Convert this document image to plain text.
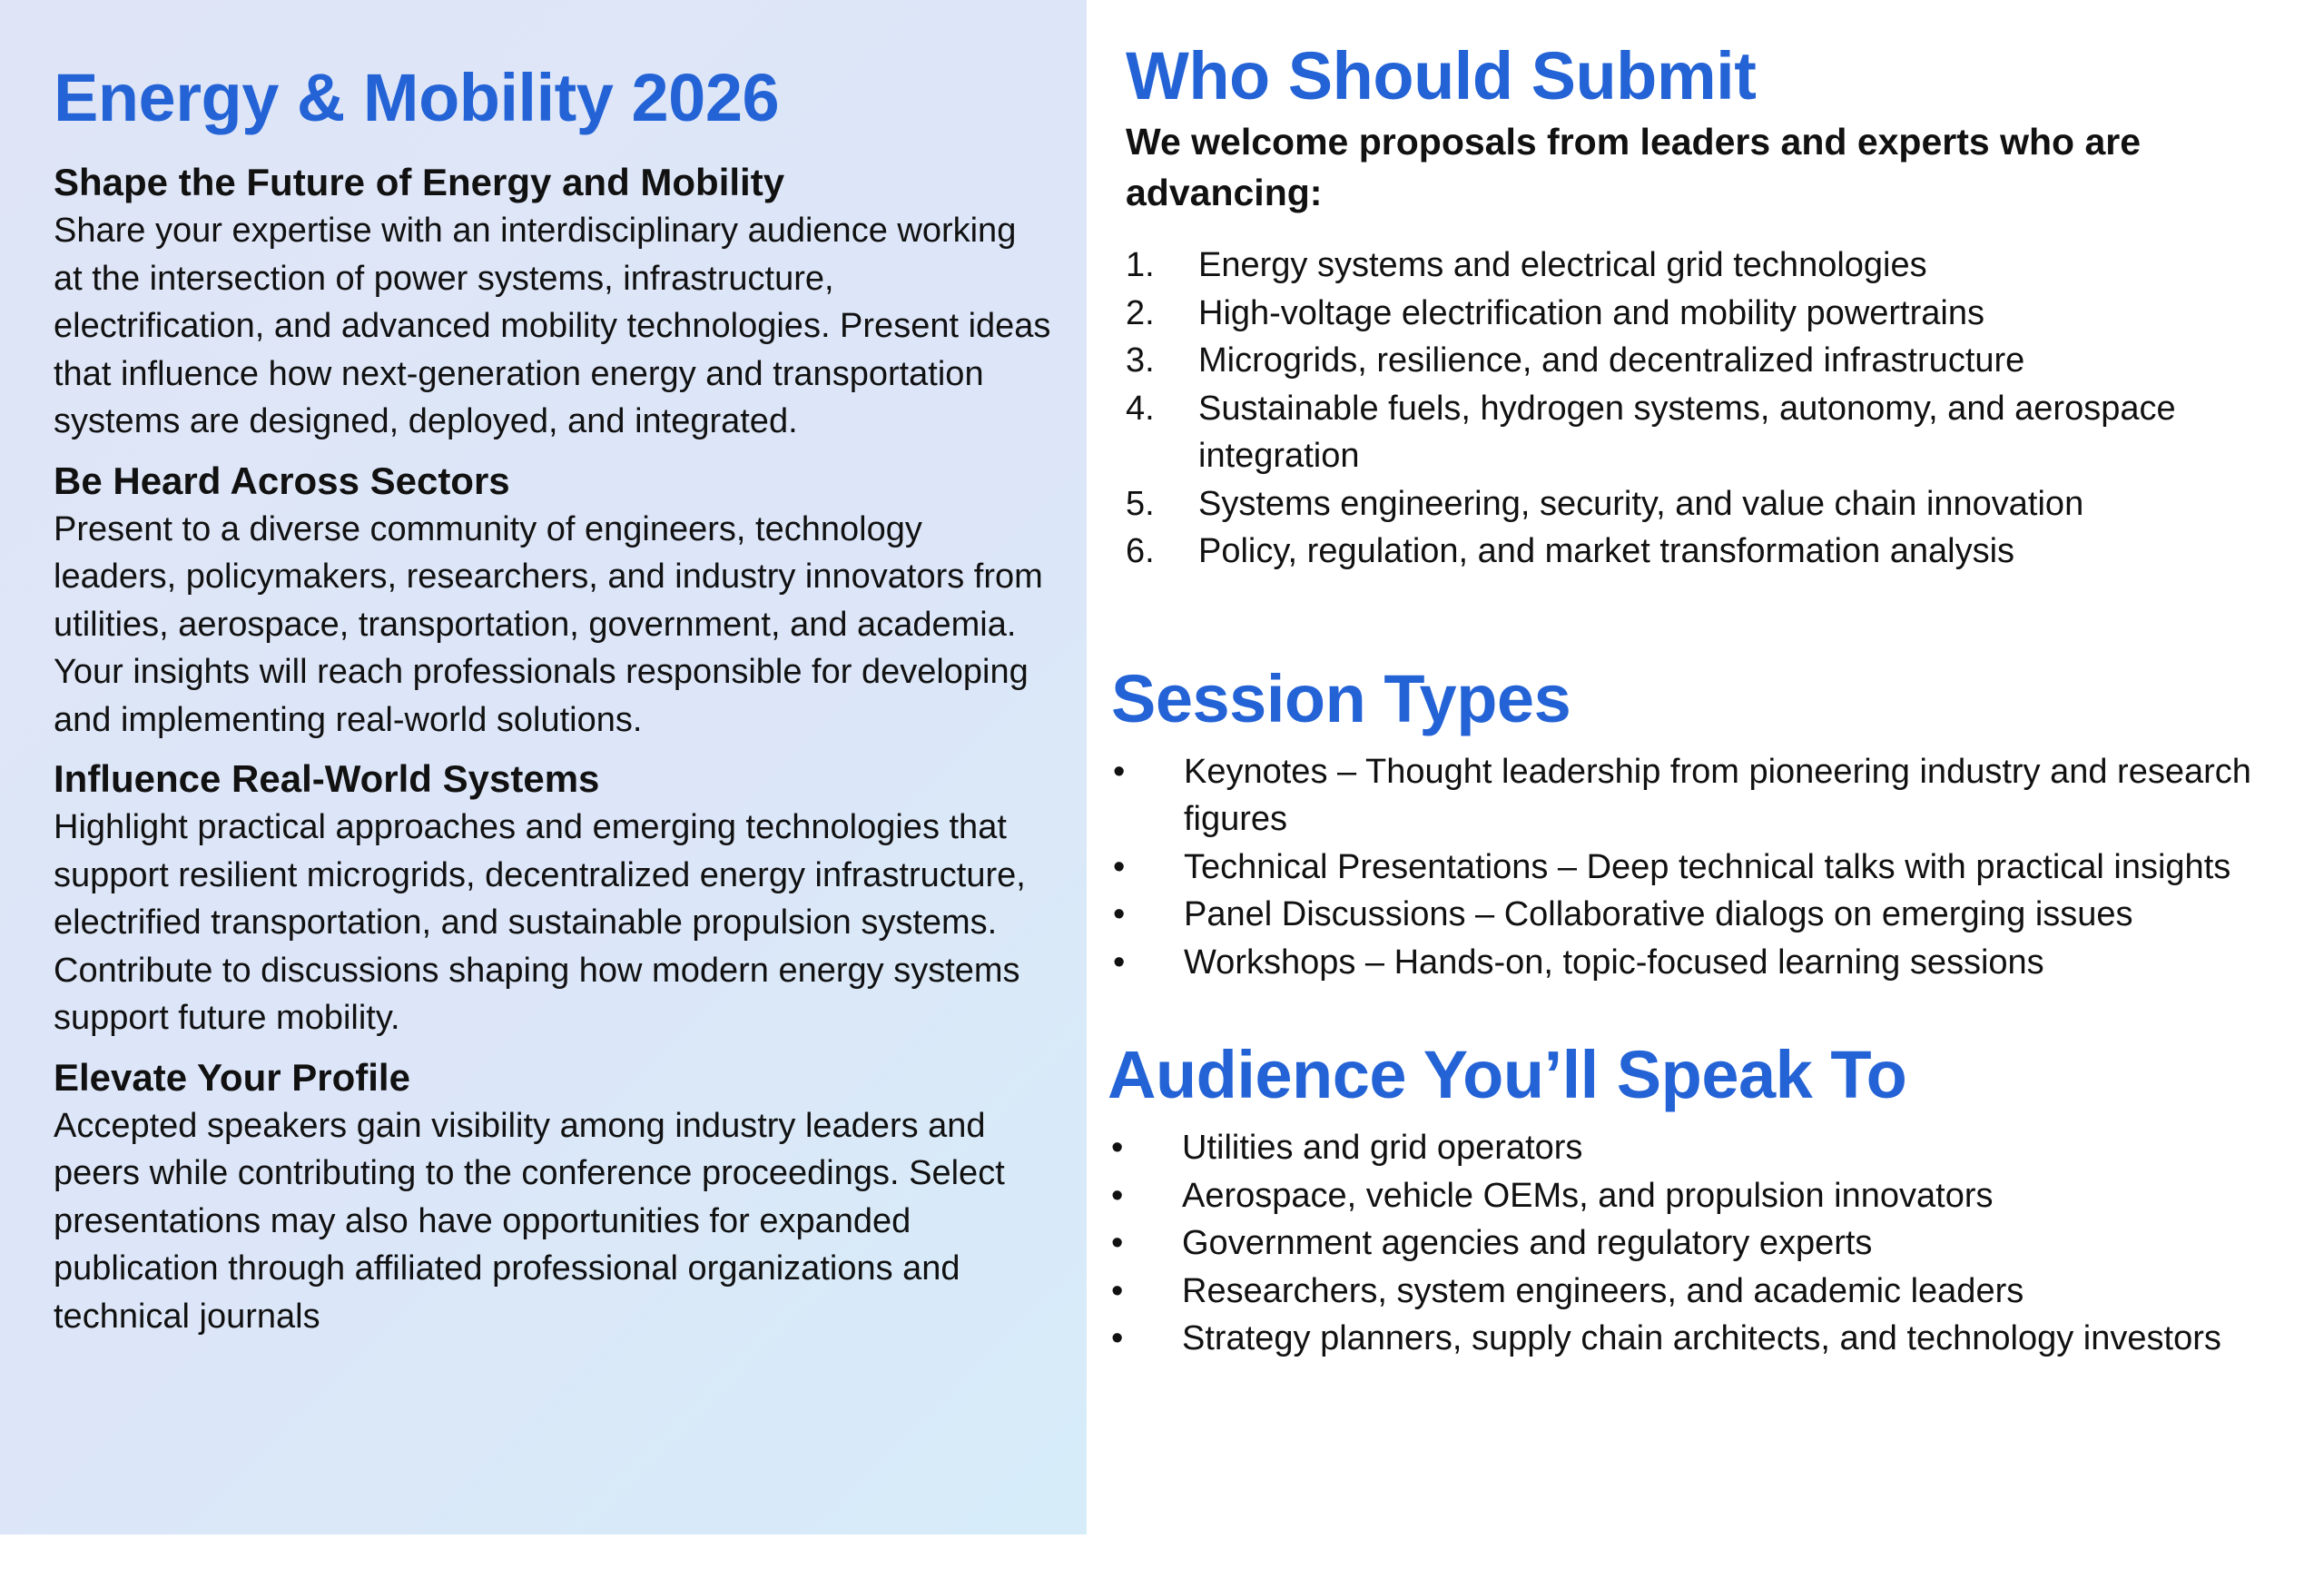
Energy & Mobility 2026
Shape the Future of Energy and Mobility

Share your expertise with an interdisciplinary audience working at the intersection of power systems, infrastructure, electrification, and advanced mobility technologies. Present ideas that influence how next-generation energy and transportation systems are designed, deployed, and integrated.

Be Heard Across Sectors

Present to a diverse community of engineers, technology leaders, policymakers, researchers, and industry innovators from utilities, aerospace, transportation, government, and academia. Your insights will reach professionals responsible for developing and implementing real-world solutions.

Influence Real-World Systems

Highlight practical approaches and emerging technologies that support resilient microgrids, decentralized energy infrastructure, electrified transportation, and sustainable propulsion systems. Contribute to discussions shaping how modern energy systems support future mobility.

Elevate Your Profile

Accepted speakers gain visibility among industry leaders and peers while contributing to the conference proceedings. Select presentations may also have opportunities for expanded publication through affiliated professional organizations and technical journals

Who Should Submit

We welcome proposals from leaders and experts who are advancing:

1. Energy systems and electrical grid technologies
2. High-voltage electrification and mobility powertrains
3. Microgrids, resilience, and decentralized infrastructure
4. Sustainable fuels, hydrogen systems, autonomy, and aerospace integration
5. Systems engineering, security, and value chain innovation
6. Policy, regulation, and market transformation analysis
Session Types
• Keynotes – Thought leadership from pioneering industry and research figures
• Technical Presentations – Deep technical talks with practical insights
• Panel Discussions – Collaborative dialogs on emerging issues
• Workshops – Hands-on, topic-focused learning sessions
Audience You’ll Speak To
• Utilities and grid operators
• Aerospace, vehicle OEMs, and propulsion innovators
• Government agencies and regulatory experts
• Researchers, system engineers, and academic leaders
• Strategy planners, supply chain architects, and technology investors
